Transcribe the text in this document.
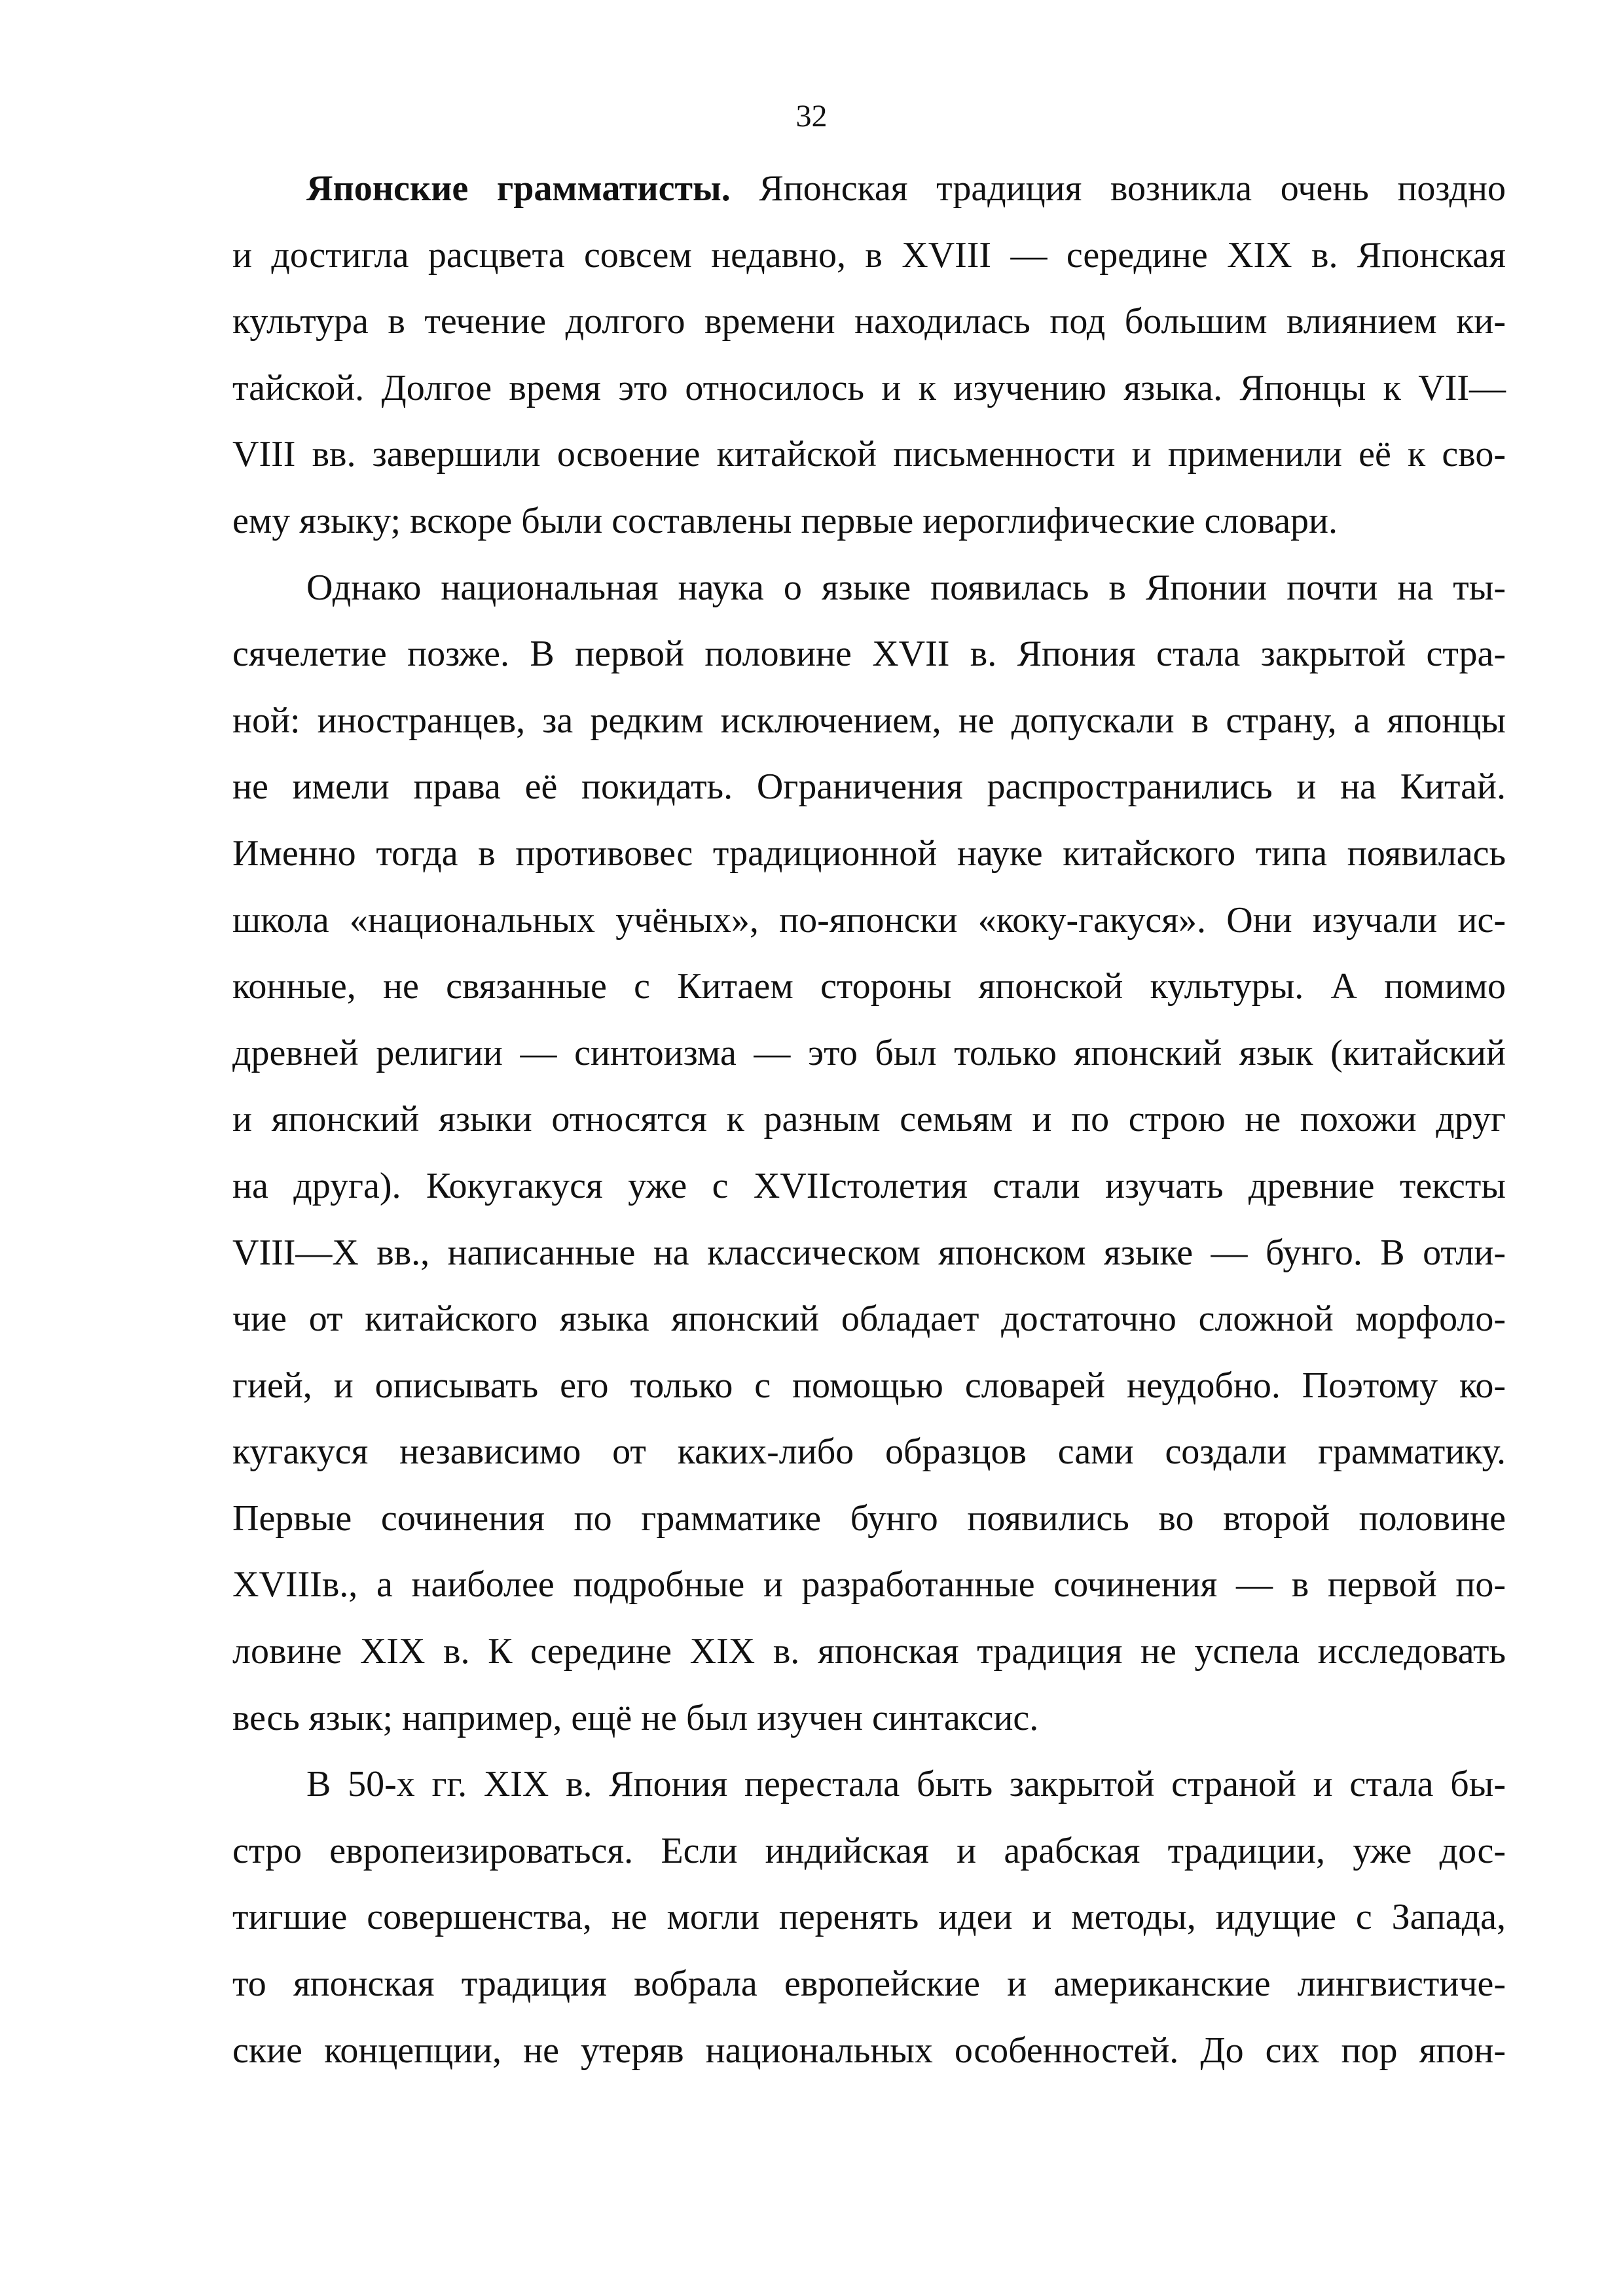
32
Японские грамматисты. Японская традиция возникла очень поздно
и достигла расцвета совсем недавно, в XVIII — середине XIX в. Японская
культура в течение долгого времени находилась под большим влиянием ки-
тайской. Долгое время это относилось и к изучению языка. Японцы к VII—
VIII вв. завершили освоение китайской письменности и применили её к сво-
ему языку; вскоре были составлены первые иероглифические словари.
Однако национальная наука о языке появилась в Японии почти на ты-
сячелетие позже. В первой половине XVII в. Япония стала закрытой стра-
ной: иностранцев, за редким исключением, не допускали в страну, а японцы
не имели права её покидать. Ограничения распространились и на Китай.
Именно тогда в противовес традиционной науке китайского типа появилась
школа «национальных учёных», по-японски «коку-гакуся». Они изучали ис-
конные, не связанные с Китаем стороны японской культуры. А помимо
древней религии — синтоизма — это был только японский язык (китайский
и японский языки относятся к разным семьям и по строю не похожи друг
на друга). Кокугакуся уже с XVIIстолетия стали изучать древние тексты
VIII—X вв., написанные на классическом японском языке — бунго. В отли-
чие от китайского языка японский обладает достаточно сложной морфоло-
гией, и описывать его только с помощью словарей неудобно. Поэтому ко-
кугакуся независимо от каких-либо образцов сами создали грамматику.
Первые сочинения по грамматике бунго появились во второй половине
XVIIIв., а наиболее подробные и разработанные сочинения — в первой по-
ловине XIX в. К середине XIX в. японская традиция не успела исследовать
весь язык; например, ещё не был изучен синтаксис.
В 50-х гг. XIX в. Япония перестала быть закрытой страной и стала бы-
стро европеизироваться. Если индийская и арабская традиции, уже дос-
тигшие совершенства, не могли перенять идеи и методы, идущие с Запада,
то японская традиция вобрала европейские и американские лингвистиче-
ские концепции, не утеряв национальных особенностей. До сих пор япон-
